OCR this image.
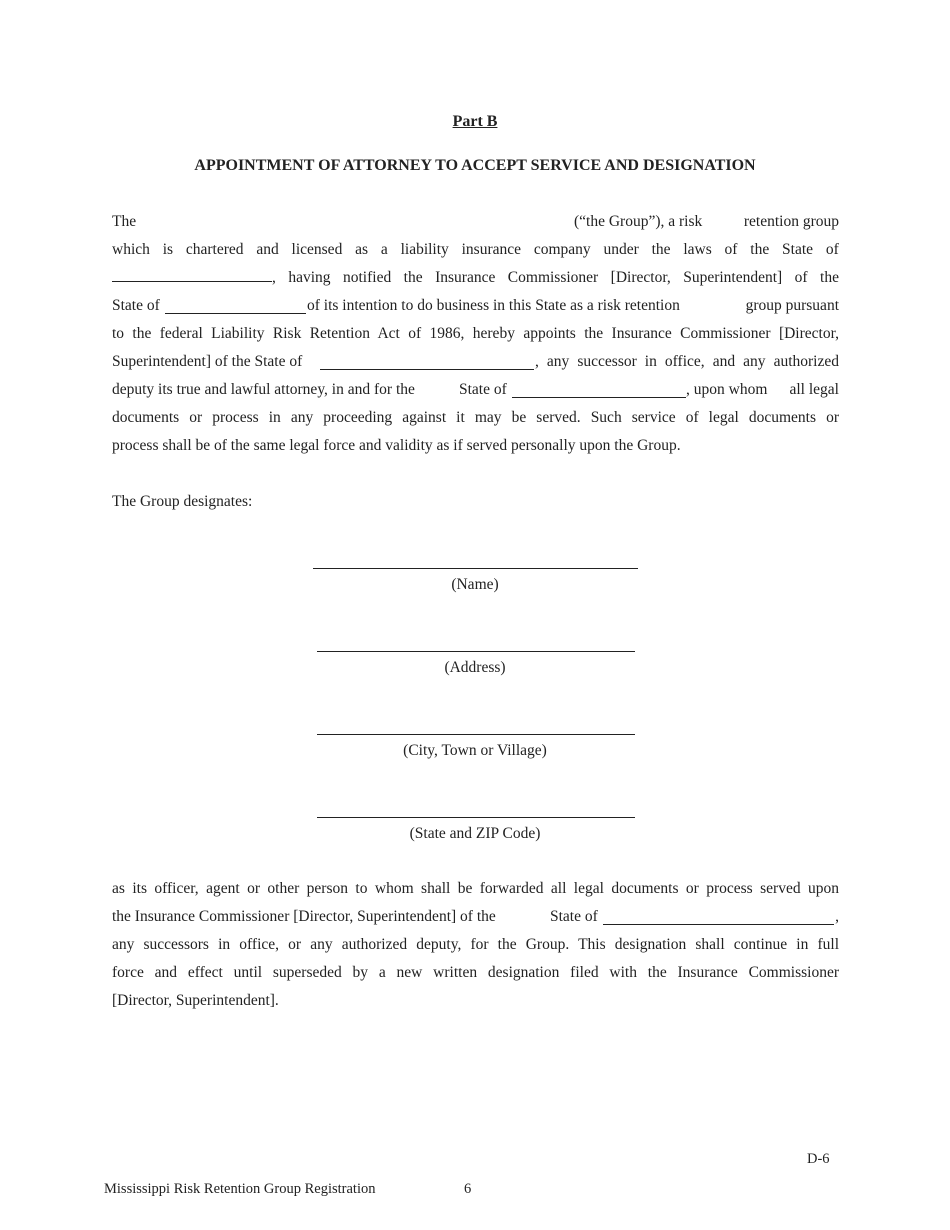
Part B
APPOINTMENT OF ATTORNEY TO ACCEPT SERVICE AND DESIGNATION
The	(“the Group”), a risk	retention group
which is chartered and licensed as a liability insurance company under the laws of the State of
, having notified the Insurance Commissioner [Director, Superintendent] of the
State of	of its intention to do business in this State as a risk retention	group pursuant
to the federal Liability Risk Retention Act of 1986, hereby appoints the Insurance Commissioner [Director,
Superintendent] of the State of	, any successor in office, and any authorized
deputy its true and lawful attorney, in and for the	State of	, upon whom all legal
documents or process in any proceeding against it may be served. Such service of legal documents or
process shall be of the same legal force and validity as if served personally upon the Group.
The Group designates:
(Name)
(Address)
(City, Town or Village)
(State and ZIP Code)
as its officer, agent or other person to whom shall be forwarded all legal documents or process served upon
the Insurance Commissioner [Director, Superintendent] of the	State of	,
any successors in office, or any authorized deputy, for the Group. This designation shall continue in full
force and effect until superseded by a new written designation filed with the Insurance Commissioner
[Director, Superintendent].
D-6
Mississippi Risk Retention Group Registration	6
